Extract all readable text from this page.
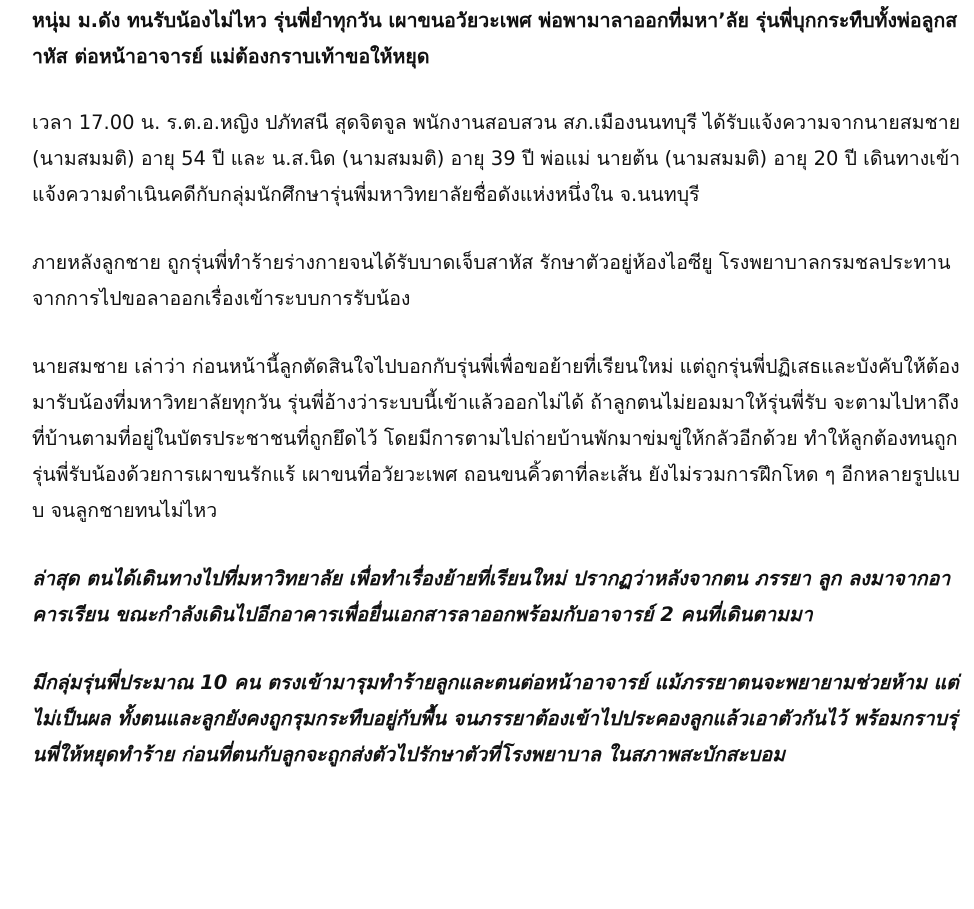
หนุ่ม ม.ดัง ทนรับน้องไม่ไหว รุ่นพี่ยำทุกวัน เผาขนอวัยวะเพศ พ่อพามาลาออกที่มหา’ลัย รุ่นพี่บุกกระทืบทั้งพ่อลูกสาหัส ต่อหน้าอาจารย์ แม่ต้องกราบเท้าขอให้หยุด

เวลา 17.00 น. ร.ต.อ.หญิง ปภัทสนี สุดจิตจูล พนักงานสอบสวน สภ.เมืองนนทบุรี ได้รับแจ้งความจากนายสมชาย (นามสมมติ) อายุ 54 ปี และ น.ส.นิด (นามสมมติ) อายุ 39 ปี พ่อแม่ นายต้น (นามสมมติ) อายุ 20 ปี เดินทางเข้าแจ้งความดำเนินคดีกับกลุ่มนักศึกษารุ่นพี่มหาวิทยาลัยชื่อดังแห่งหนึ่งใน จ.นนทบุรี

ภายหลังลูกชาย ถูกรุ่นพี่ทำร้ายร่างกายจนได้รับบาดเจ็บสาหัส รักษาตัวอยู่ห้องไอซียู โรงพยาบาลกรมชลประทาน จากการไปขอลาออกเรื่องเข้าระบบการรับน้อง

นายสมชาย เล่าว่า ก่อนหน้านี้ลูกตัดสินใจไปบอกกับรุ่นพี่เพื่อขอย้ายที่เรียนใหม่ แต่ถูกรุ่นพี่ปฏิเสธและบังคับให้ต้องมารับน้องที่มหาวิทยาลัยทุกวัน รุ่นพี่อ้างว่าระบบนี้เข้าแล้วออกไม่ได้ ถ้าลูกตนไม่ยอมมาให้รุ่นพี่รับ จะตามไปหาถึงที่บ้านตามที่อยู่ในบัตรประชาชนที่ถูกยึดไว้ โดยมีการตามไปถ่ายบ้านพักมาข่มขู่ให้กลัวอีกด้วย ทำให้ลูกต้องทนถูกรุ่นพี่รับน้องด้วยการเผาขนรักแร้ เผาขนที่อวัยวะเพศ ถอนขนคิ้วตาที่ละเส้น ยังไม่รวมการฝึกโหด ๆ อีกหลายรูปแบบ จนลูกชายทนไม่ไหว

ล่าสุด ตนได้เดินทางไปที่มหาวิทยาลัย เพื่อทำเรื่องย้ายที่เรียนใหม่ ปรากฏว่าหลังจากตน ภรรยา ลูก ลงมาจากอาคารเรียน ขณะกำลังเดินไปอีกอาคารเพื่อยื่นเอกสารลาออกพร้อมกับอาจารย์ 2 คนที่เดินตามมา

มีกลุ่มรุ่นพี่ประมาณ 10 คน ตรงเข้ามารุมทำร้ายลูกและตนต่อหน้าอาจารย์ แม้ภรรยาตนจะพยายามช่วยห้าม แต่ไม่เป็นผล ทั้งตนและลูกยังคงถูกรุมกระทืบอยู่กับพื้น จนภรรยาต้องเข้าไปประคองลูกแล้วเอาตัวกันไว้ พร้อมกราบรุ่นพี่ให้หยุดทำร้าย ก่อนที่ตนกับลูกจะถูกส่งตัวไปรักษาตัวที่โรงพยาบาล ในสภาพสะบักสะบอม
